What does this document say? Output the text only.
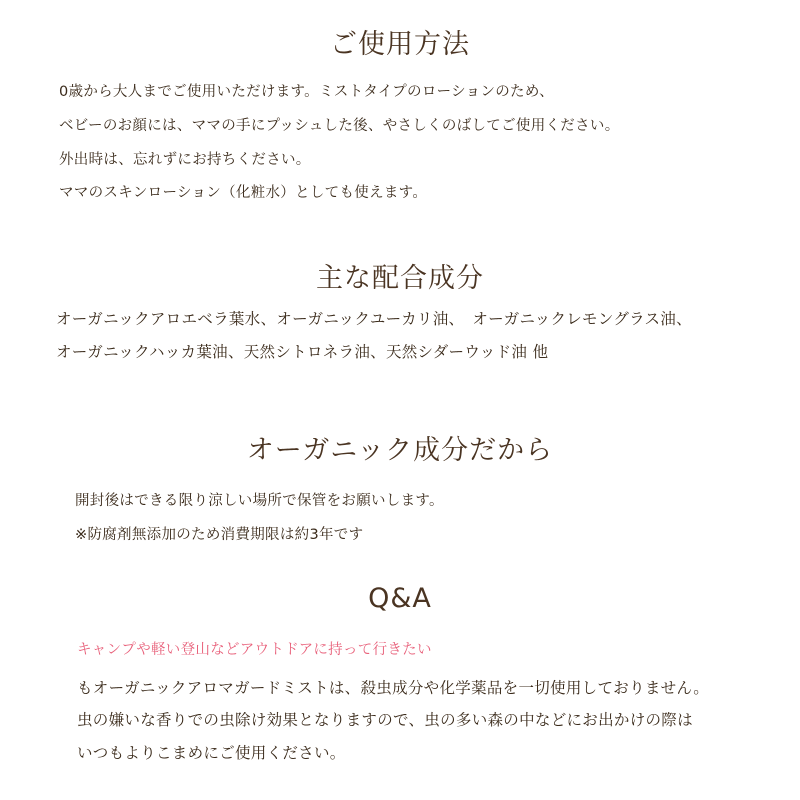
ご使用方法
0歳から大人までご使用いただけます。ミストタイプのローションのため、
ベビーのお顔には、ママの手にプッシュした後、やさしくのばしてご使用ください。
外出時は、忘れずにお持ちください。
ママのスキンローション（化粧水）としても使えます。
主な配合成分
オーガニックアロエベラ葉水、オーガニックユーカリ油、　オーガニックレモングラス油、
オーガニックハッカ葉油、天然シトロネラ油、天然シダーウッド油 他
オーガニック成分だから
開封後はできる限り涼しい場所で保管をお願いします。
※防腐剤無添加のため消費期限は約3年です
Q&A
キャンプや軽い登山などアウトドアに持って行きたい
もオーガニックアロマガードミストは、殺虫成分や化学薬品を一切使用しておりません。
虫の嫌いな香りでの虫除け効果となりますので、虫の多い森の中などにお出かけの際は
いつもよりこまめにご使用ください。
